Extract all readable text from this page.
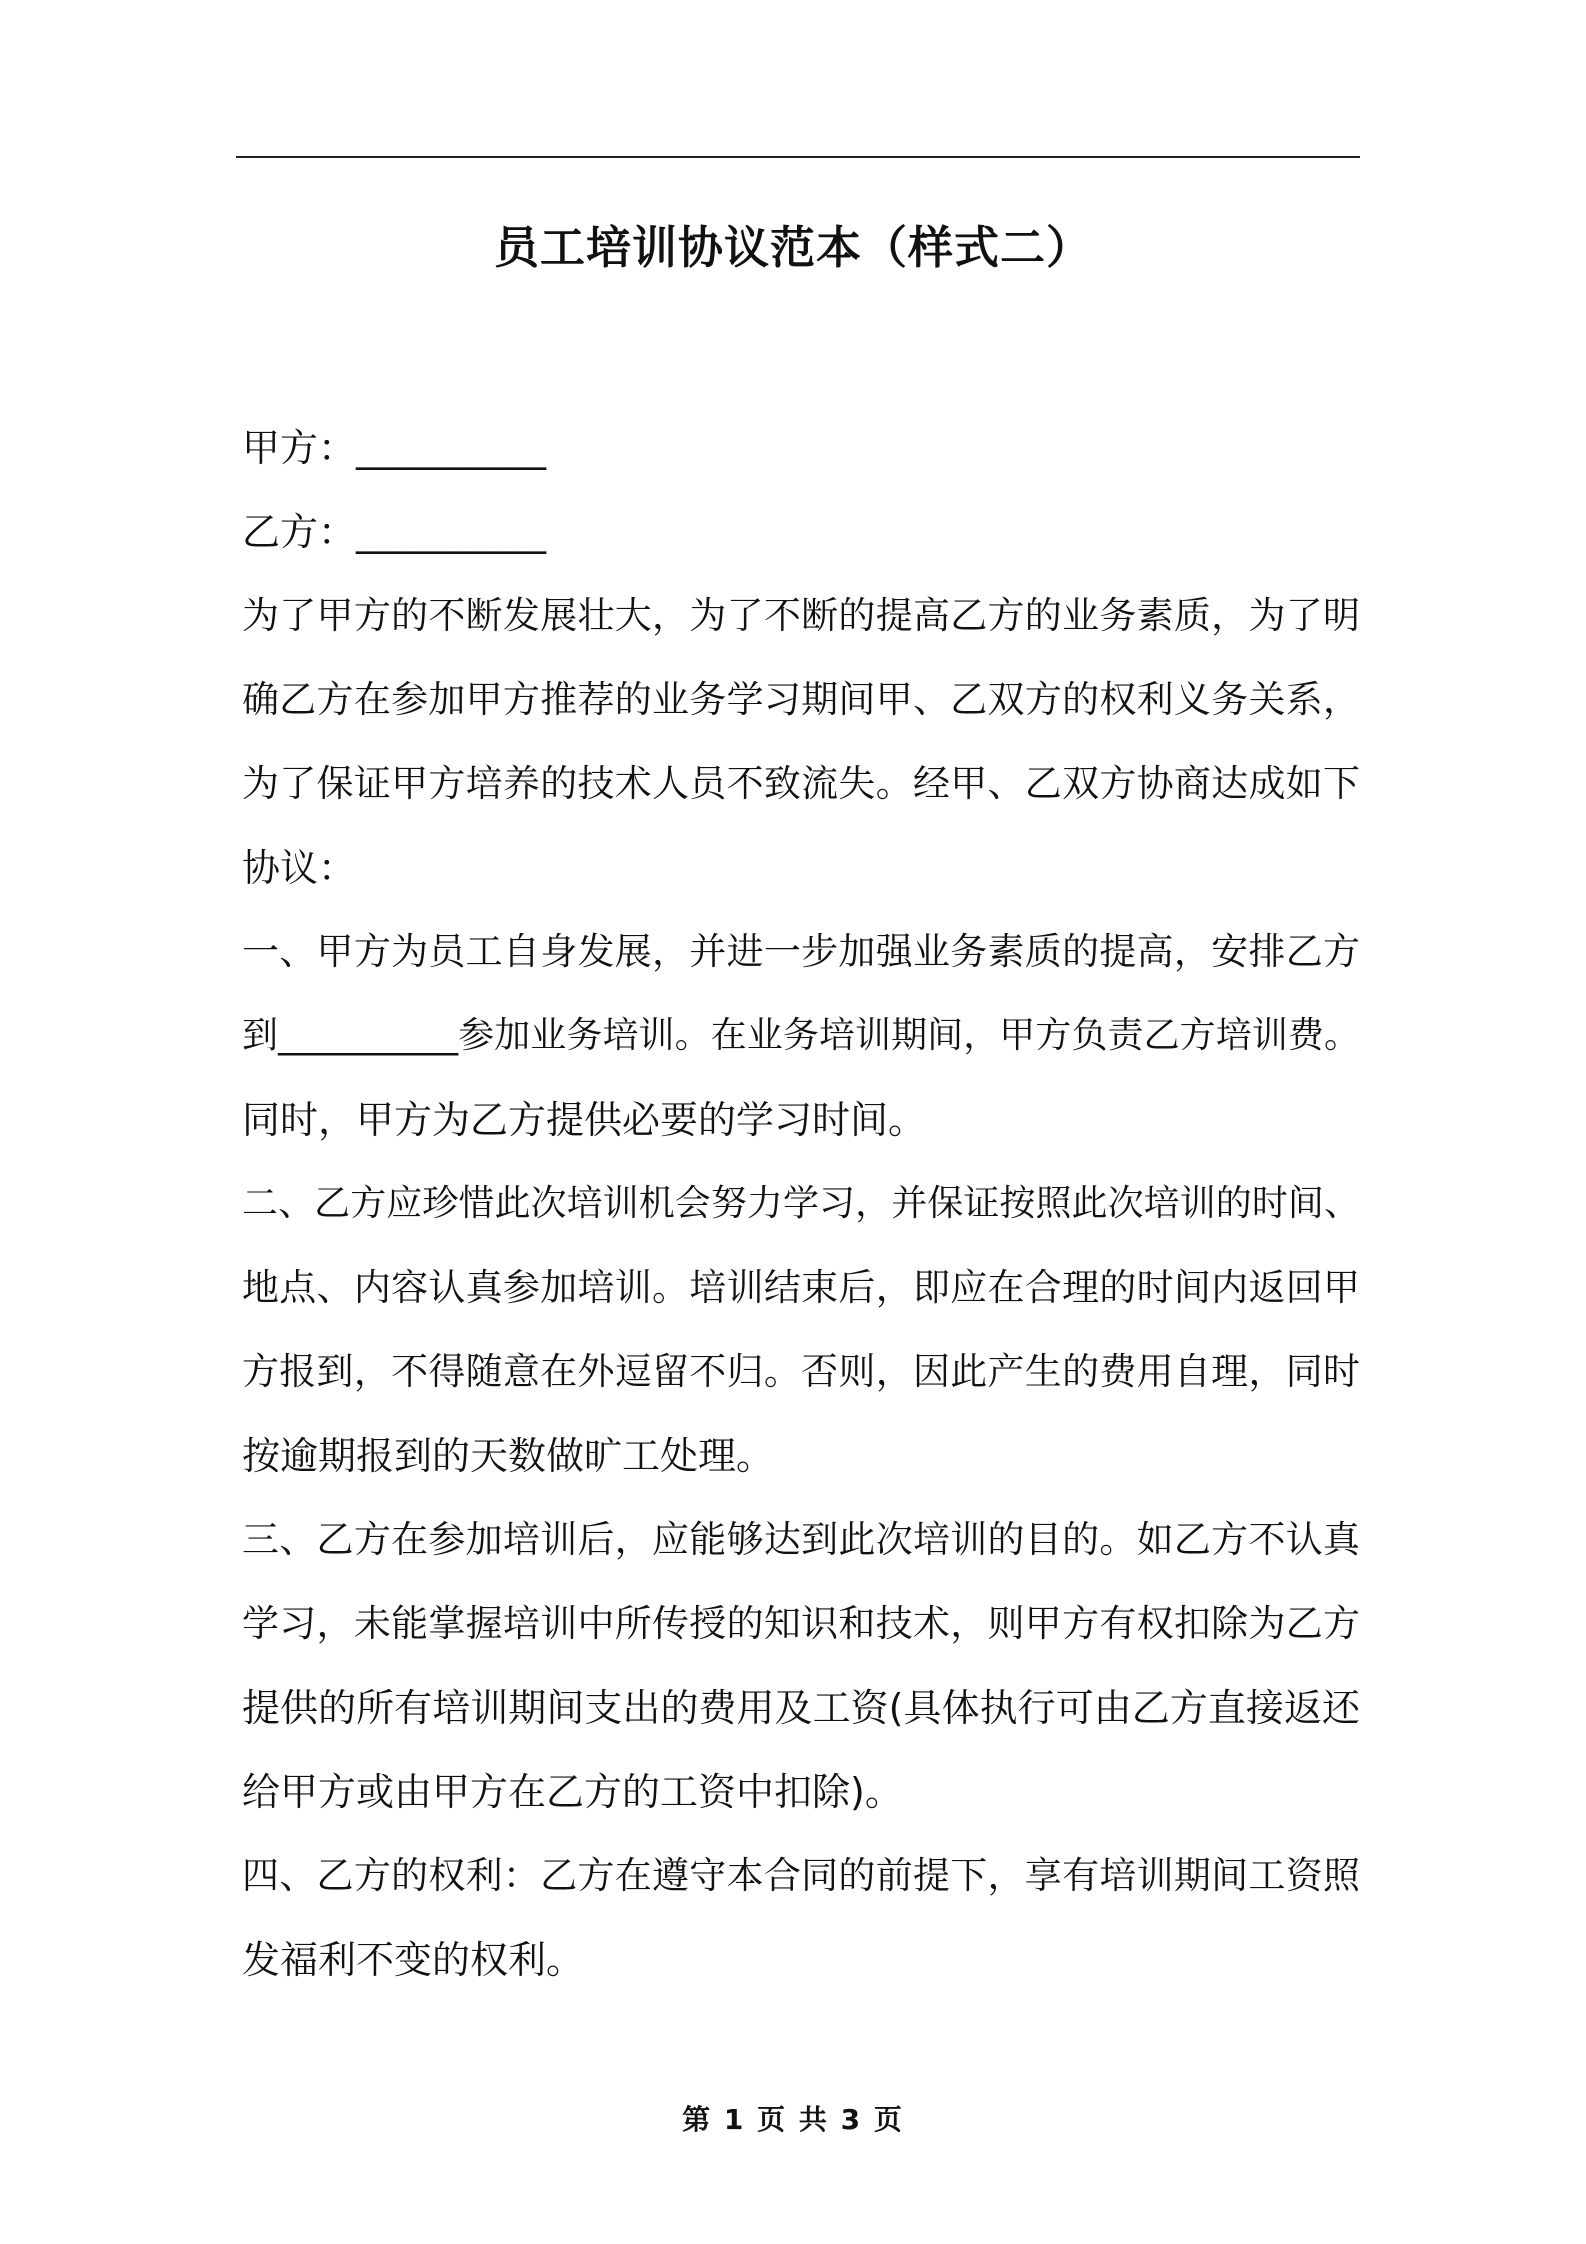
员工培训协议范本（样式二）

甲方：__________

乙方：__________

为了甲方的不断发展壮大，为了不断的提高乙方的业务素质，为了明

确乙方在参加甲方推荐的业务学习期间甲、乙双方的权利义务关系，

为了保证甲方培养的技术人员不致流失。经甲、乙双方协商达成如下

协议：

一、甲方为员工自身发展，并进一步加强业务素质的提高，安排乙方

到__________参加业务培训。在业务培训期间，甲方负责乙方培训费。

同时，甲方为乙方提供必要的学习时间。

二、乙方应珍惜此次培训机会努力学习，并保证按照此次培训的时间、

地点、内容认真参加培训。培训结束后，即应在合理的时间内返回甲

方报到，不得随意在外逗留不归。否则，因此产生的费用自理，同时

按逾期报到的天数做旷工处理。

三、乙方在参加培训后，应能够达到此次培训的目的。如乙方不认真

学习，未能掌握培训中所传授的知识和技术，则甲方有权扣除为乙方

提供的所有培训期间支出的费用及工资(具体执行可由乙方直接返还

给甲方或由甲方在乙方的工资中扣除)。

四、乙方的权利：乙方在遵守本合同的前提下，享有培训期间工资照

发福利不变的权利。

第 1 页 共 3 页
